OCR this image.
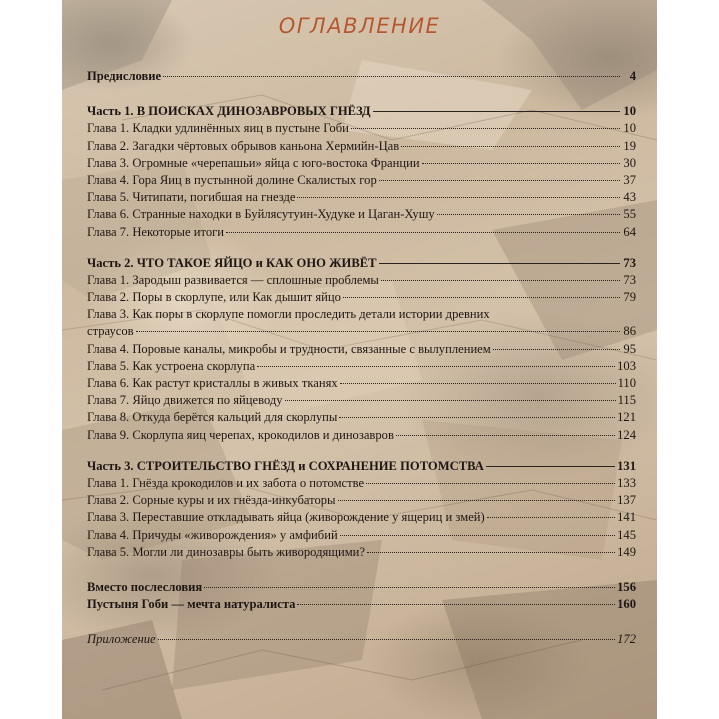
ОГЛАВЛЕНИЕ
Предисловие	4
Часть 1. В ПОИСКАХ ДИНОЗАВРОВЫХ ГНЁЗД	10
Глава 1. Кладки удлинённых яиц в пустыне Гоби	10
Глава 2. Загадки чёртовых обрывов каньона Хермийн-Цав	19
Глава 3. Огромные «черепашьи» яйца с юго-востока Франции	30
Глава 4. Гора Яиц в пустынной долине Скалистых гор	37
Глава 5. Читипати, погибшая на гнезде	43
Глава 6. Странные находки в Буйлясутуин-Худуке и Цаган-Хушу	55
Глава 7. Некоторые итоги	64
Часть 2. ЧТО ТАКОЕ ЯЙЦО и КАК ОНО ЖИВЁТ	73
Глава 1. Зародыш развивается — сплошные проблемы	73
Глава 2. Поры в скорлупе, или Как дышит яйцо	79
Глава 3. Как поры в скорлупе помогли проследить детали истории древних
страусов	86
Глава 4. Поровые каналы, микробы и трудности, связанные с вылуплением	95
Глава 5. Как устроена скорлупа	103
Глава 6. Как растут кристаллы в живых тканях	110
Глава 7. Яйцо движется по яйцеводу	115
Глава 8. Откуда берётся кальций для скорлупы	121
Глава 9. Скорлупа яиц черепах, крокодилов и динозавров	124
Часть 3. СТРОИТЕЛЬСТВО ГНЁЗД и СОХРАНЕНИЕ ПОТОМСТВА	131
Глава 1. Гнёзда крокодилов и их забота о потомстве	133
Глава 2. Сорные куры и их гнёзда-инкубаторы	137
Глава 3. Переставшие откладывать яйца (живорождение у ящериц и змей)	141
Глава 4. Причуды «живорождения» у амфибий	145
Глава 5. Могли ли динозавры быть живородящими?	149
Вместо послесловия	156
Пустыня Гоби — мечта натуралиста	160
Приложение	172
